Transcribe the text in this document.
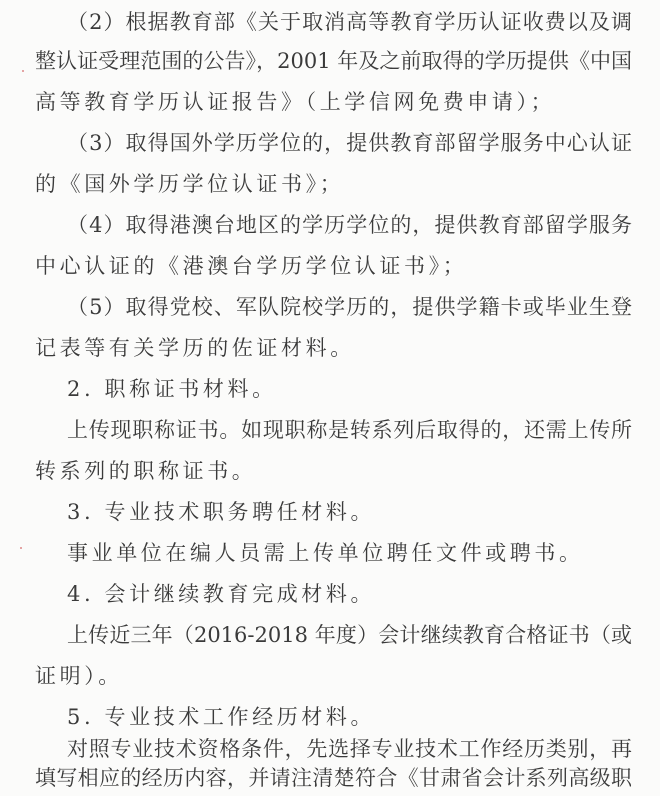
（2）根据教育部《关于取消高等教育学历认证收费以及调
整认证受理范围的公告》，2001 年及之前取得的学历提供《中国
高等教育学历认证报告》（上学信网免费申请）；
（3）取得国外学历学位的，提供教育部留学服务中心认证
的《国外学历学位认证书》；
（4）取得港澳台地区的学历学位的，提供教育部留学服务
中心认证的《港澳台学历学位认证书》；
（5）取得党校、军队院校学历的，提供学籍卡或毕业生登
记表等有关学历的佐证材料。
2. 职称证书材料。
上传现职称证书。如现职称是转系列后取得的，还需上传所
转系列的职称证书。
3. 专业技术职务聘任材料。
事业单位在编人员需上传单位聘任文件或聘书。
4. 会计继续教育完成材料。
上传近三年（2016-2018 年度）会计继续教育合格证书（或
证明）。
5. 专业技术工作经历材料。
对照专业技术资格条件，先选择专业技术工作经历类别，再
填写相应的经历内容，并请注清楚符合《甘肃省会计系列高级职
